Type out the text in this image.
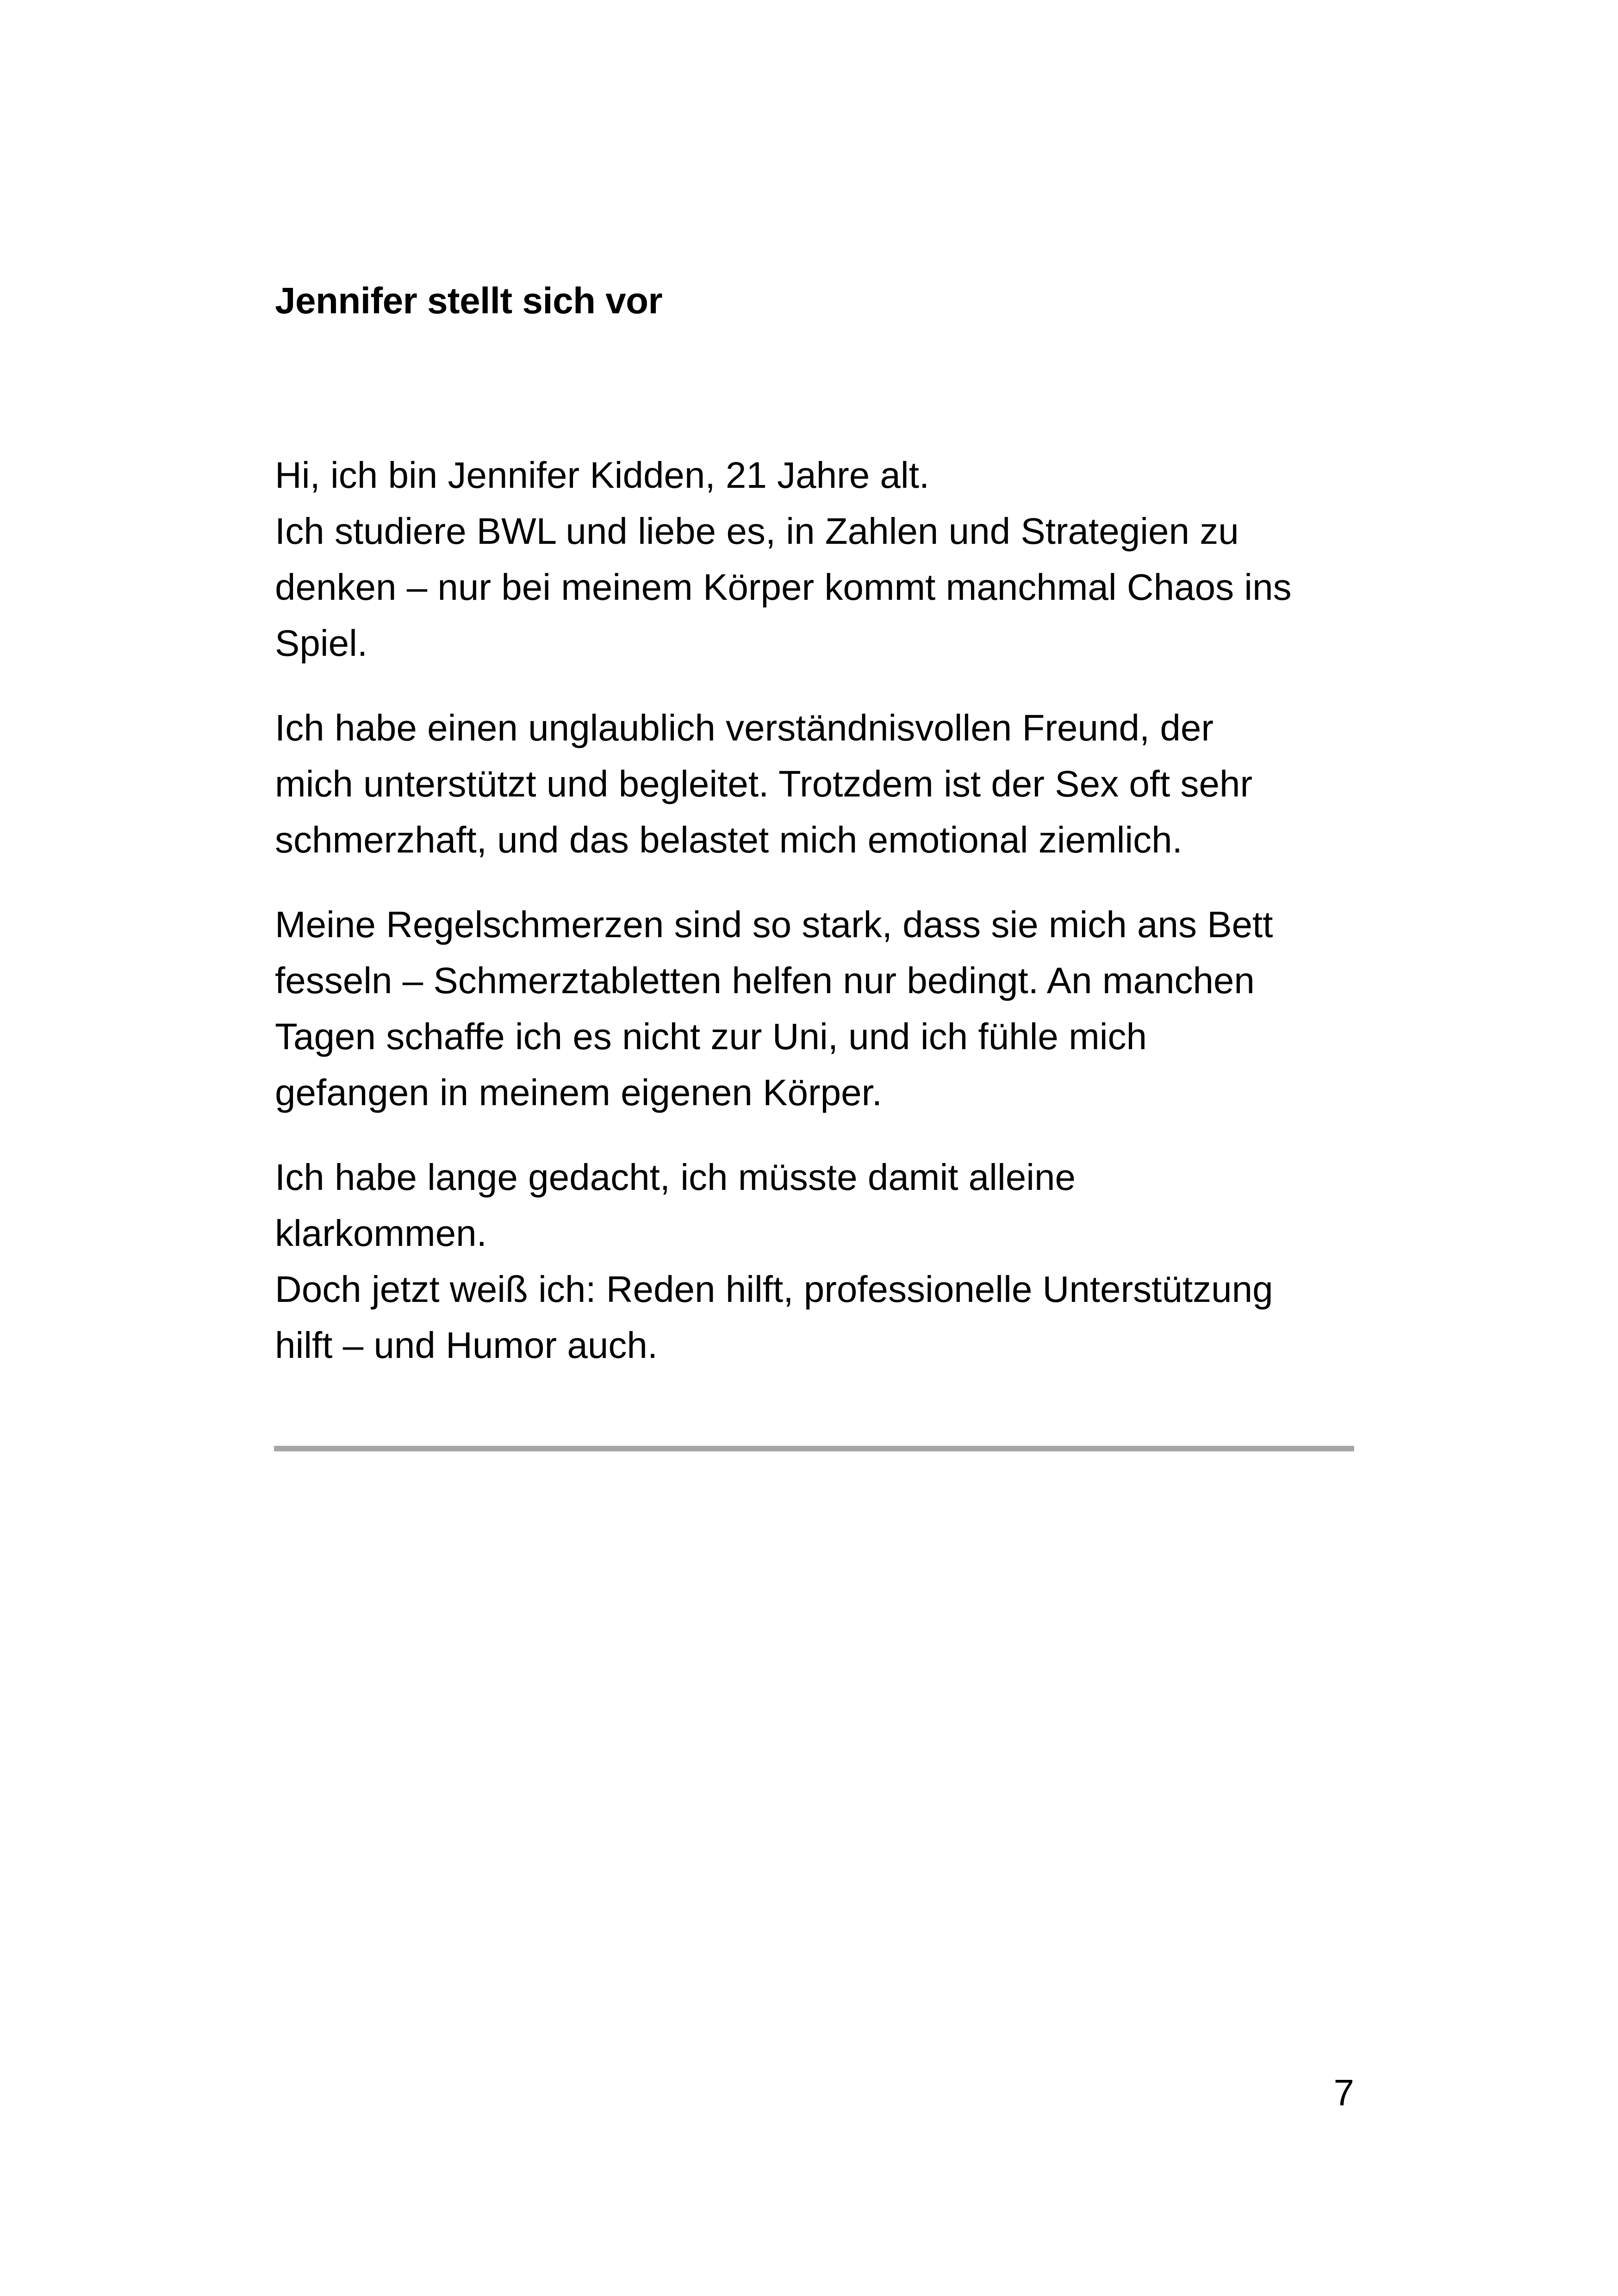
Jennifer stellt sich vor

Hi, ich bin Jennifer Kidden, 21 Jahre alt.
Ich studiere BWL und liebe es, in Zahlen und Strategien zu
denken – nur bei meinem Körper kommt manchmal Chaos ins
Spiel.

Ich habe einen unglaublich verständnisvollen Freund, der
mich unterstützt und begleitet. Trotzdem ist der Sex oft sehr
schmerzhaft, und das belastet mich emotional ziemlich.

Meine Regelschmerzen sind so stark, dass sie mich ans Bett
fesseln – Schmerztabletten helfen nur bedingt. An manchen
Tagen schaffe ich es nicht zur Uni, und ich fühle mich
gefangen in meinem eigenen Körper.

Ich habe lange gedacht, ich müsste damit alleine
klarkommen.
Doch jetzt weiß ich: Reden hilft, professionelle Unterstützung
hilft – und Humor auch.

7
